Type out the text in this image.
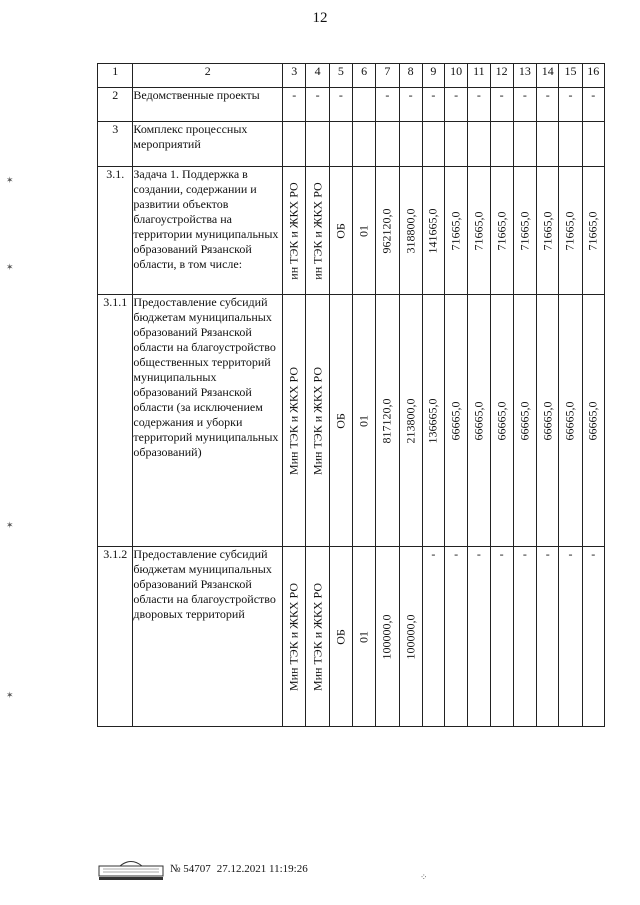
12
1	2	3	4	5	6	7	8	9	10	11	12	13	14	15	16
2	Ведомственные проекты	-	-	-		-	-	-	-	-	-	-	-	-	-
3	Комплекс процессных мероприятий														
3.1.	Задача 1. Поддержка в создании, содержании и развитии объектов благоустройства на территории муниципальных образований Рязанской области, в том числе:	ин ТЭК и ЖКХ РО	ин ТЭК и ЖКХ РО	ОБ	01	962120,0	318800,0	141665,0	71665,0	71665,0	71665,0	71665,0	71665,0	71665,0	71665,0

3.1.1	Предоставление субсидий бюджетам муниципальных образований Рязанской области на благоустройство общественных территорий муниципальных образований Рязанской области (за исключением содержания и уборки территорий муниципальных образований)	Мин ТЭК и ЖКХ РО	Мин ТЭК и ЖКХ РО	ОБ	01	817120,0	213800,0	136665,0	66665,0	66665,0	66665,0	66665,0	66665,0	66665,0	66665,0

3.1.2	Предоставление субсидий бюджетам муниципальных образований Рязанской области на благоустройство дворовых территорий	Мин ТЭК и ЖКХ РО	Мин ТЭК и ЖКХ РО	ОБ	01	100000,0	100000,0	-	-	-	-	-	-	-	-
№ 54707 27.12.2021 11:19:26
✶
✶
✶
✶
⁘
